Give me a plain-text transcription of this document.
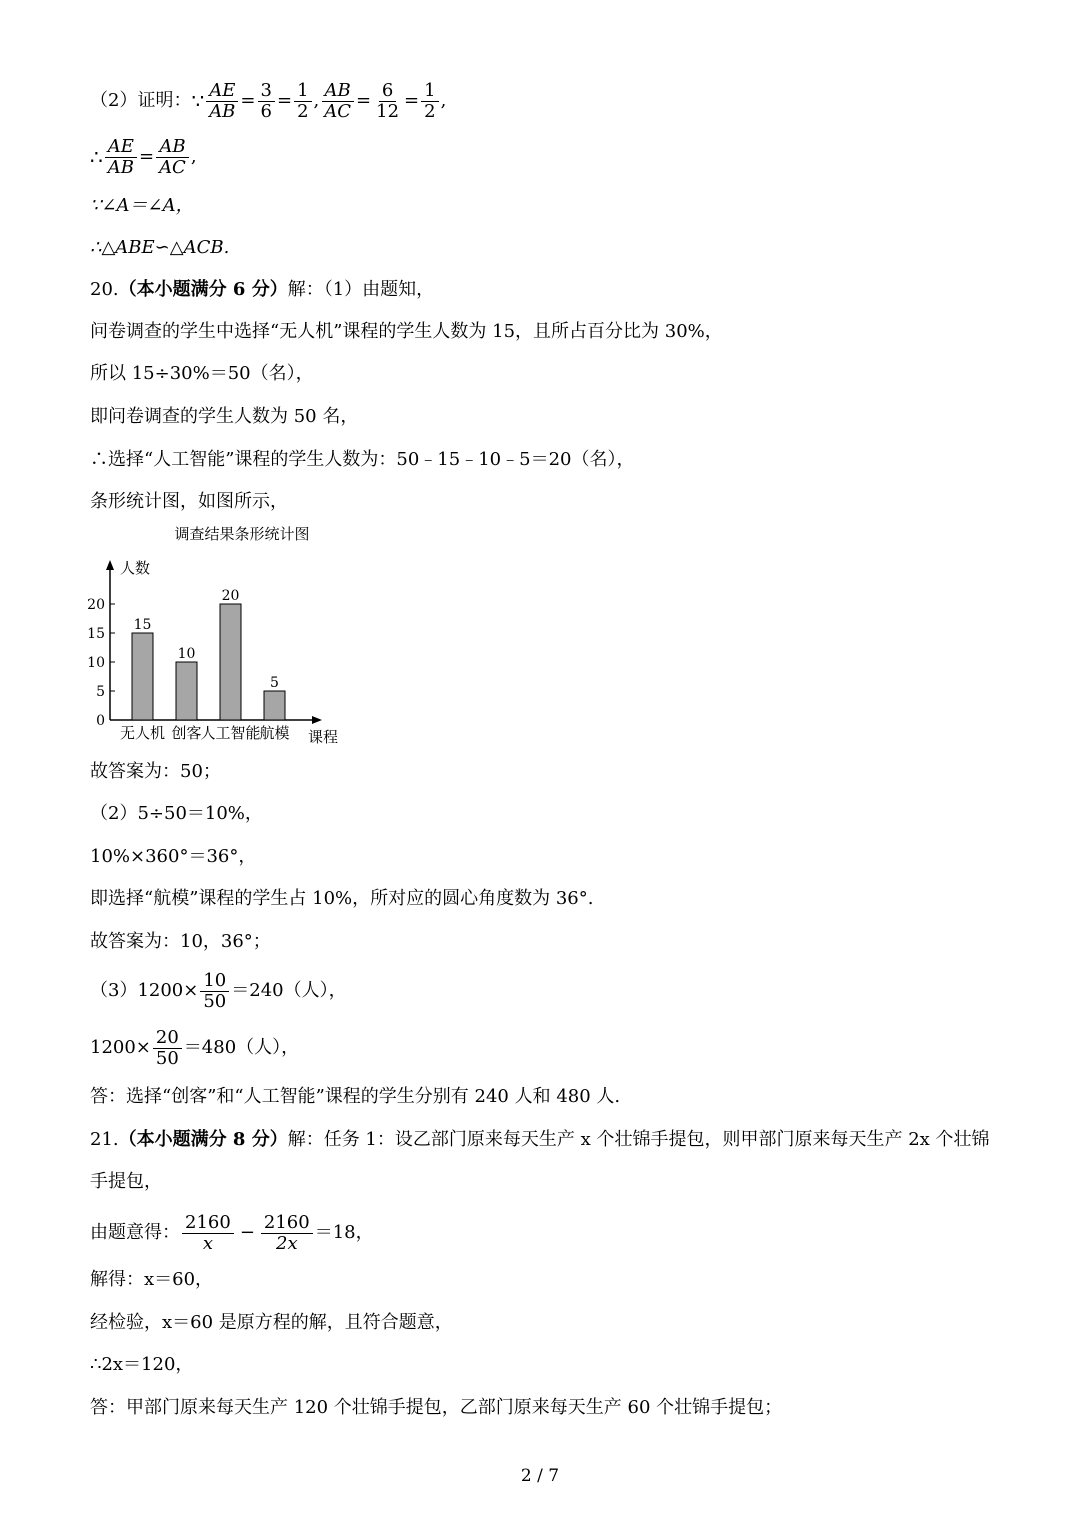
（2）证明： ∵ $\frac{AE}{AB} = \frac{3}{6} = \frac{1}{2}$ , $\frac{AB}{AC} = \frac{6}{12} = \frac{1}{2}$ ,
∴ $\frac{AE}{AB} = \frac{AB}{AC}$ ,
∵∠A＝∠A，
∴△ABE∽△ACB.
20.（本小题满分 6 分）解：（1）由题知，
问卷调查的学生中选择“无人机”课程的学生人数为 15，且所占百分比为 30%，
所以 15÷30%＝50（名），
即问卷调查的学生人数为 50 名，
∴选择“人工智能”课程的学生人数为：50﹣15﹣10﹣5＝20（名），
条形统计图，如图所示，
调查结果条形统计图
人数
课程
0
5
10
15
20
15
无人机
10
创客
20
人工智能
5
航模
故答案为：50；
（2）5÷50＝10%，
10%×360°＝36°，
即选择“航模”课程的学生占 10%，所对应的圆心角度数为 36°.
故答案为：10，36°；
$(3)1200\times \frac{10}{50} =240$（人），
$1200\times \frac{20}{50} =480$（人），
答：选择“创客”和“人工智能”课程的学生分别有 240 人和 480 人.
21.（本小题满分 8 分）解：任务 1：设乙部门原来每天生产 x 个壮锦手提包，则甲部门原来每天生产 2x 个壮锦
手提包，
由题意得： $\frac{2160}{x} - \frac{2160}{2x} =18$，
解得：x＝60，
经检验，x＝60 是原方程的解，且符合题意，
∴2x＝120，
答：甲部门原来每天生产 120 个壮锦手提包，乙部门原来每天生产 60 个壮锦手提包；
2 / 7
